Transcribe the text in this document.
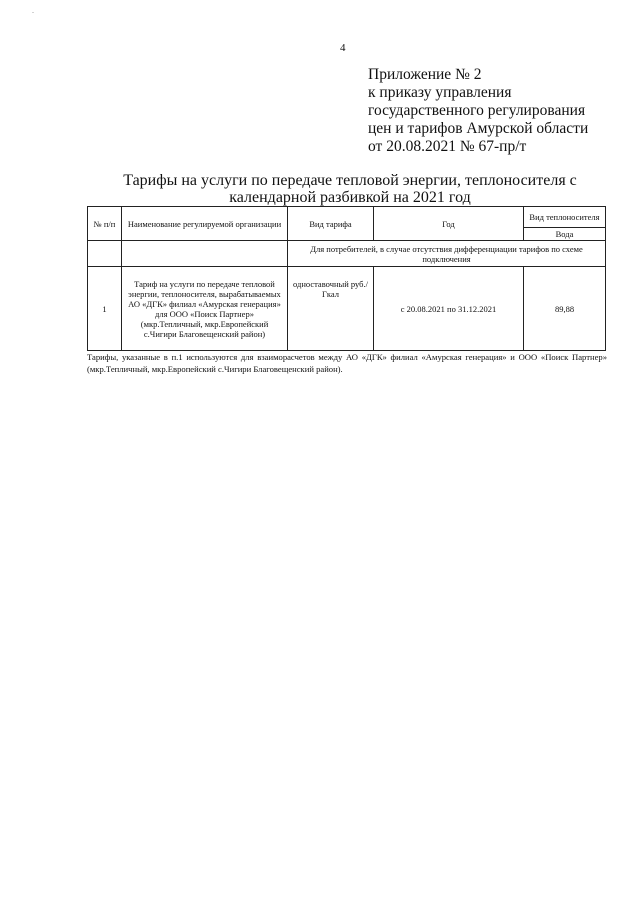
-
4
Приложение № 2
к приказу управления
государственного регулирования
цен и тарифов Амурской области
от 20.08.2021 № 67-пр/т
Тарифы на услуги по передаче тепловой энергии, теплоносителя с
календарной разбивкой на 2021 год
№ п/п	Наименование регулируемой организации	Вид тарифа	Год	Вид теплоносителя
				Вода
		Для потребителей, в случае отсутствия дифференциации тарифов по схеме подключения		
1	Тариф на услуги по передаче тепловой энергии, теплоносителя, вырабатываемых АО «ДГК» филиал «Амурская генерация» для ООО «Поиск Партнер» (мкр.Тепличный, мкр.Европейский с.Чигири Благовещенский район)	одноставочный руб./Гкал	с 20.08.2021 по 31.12.2021	89,88
Тарифы, указанные в п.1 используются для взаиморасчетов между АО «ДГК» филиал «Амурская генерация» и ООО «Поиск Партнер» (мкр.Тепличный, мкр.Европейский с.Чигири Благовещенский район).
